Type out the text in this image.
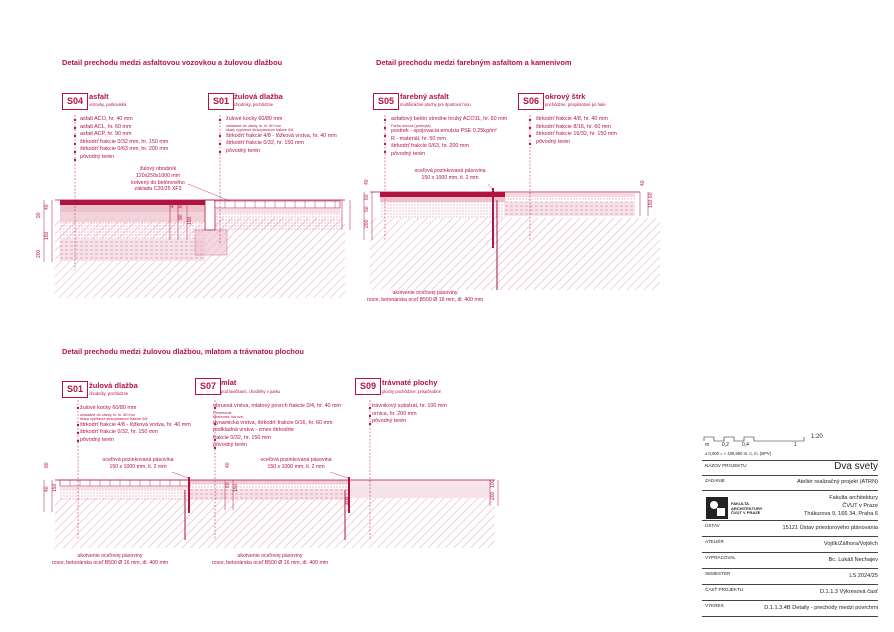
Detail prechodu medzi asfaltovou vozovkou a žulovou dlažbou	Detail prechodu medzi farebným asfaltom a kamenivom
Detail prechodu medzi žulovou dlažbou, mlatom a trávnatou plochou
S04 asfalt
vozovky, parkoviská
asfalt ACO, hr. 40 mm
asfalt ACL, hr. 60 mm
asfalt ACP, hr. 90 mm
štrkodrť frakcie 0/32 mm, hr. 150 mm
štrkodrť frakcie 0/63 mm, hr. 200 mm
pôvodný terén
S01 žulová dlažba
chodníky, pochôdzne
žulové kocky 60/80 mm
ukladané do väzby m. hr. 80 mm
škáry vyplnené štrkopieskom frakcie 0/8
štrkodrť frakcie 4/8 - lôžková vrstva, hr. 40 mm
štrkodrť frakcie 0/32, hr. 150 mm
pôvodný terén
žulový obrubník
120x250x1000 mm
kotvený do betónového
základu C20/25 XF3
S05 farebný asfalt
multifunkčné plochy pre športovú hrou
asfaltový betón stredne hrubý ACO11, hr. 60 mm
Farba okrová (prekrytá)
postrek - spojovacia emulzia PSE 0,25kg/m²
R - materiál, hr. 50 mm
štrkodrť frakcie 0/63, hr. 200 mm
pôvodný terén
S06 okrový štrk
pochôdzne, prispôsobné po hale
štrkodrť frakcie 4/8, hr. 40 mm
štrkodrť frakcie 8/16, hr. 60 mm
štrkodrť frakcie 16/32, hr. 150 mm
pôvodný terén
oceľová pozinkovaná pásovina
150 x 1000 mm, tl. 2 mm
ukotvenie oceľovej pásoviny
roxor, betonárska oceľ B500 Ø 16 mm, dl. 400 mm
S01 žulová dlažba
chodníky, pochôdzne
žulové kocky 60/80 mm
ukladané do väzby m. hr. 80 mm
škáry vyplnené štrkopieskom frakcie 0/8
štrkodrť frakcie 4/8 - lôžková vrstva, hr. 40 mm
štrkodrť frakcie 0/32, hr. 150 mm
pôvodný terén
S07 mlat
pod lavičkami, chodníky v parku
obrusná vrstva, mlatový povrch frakcie 0/4, hr. 40 mm
Penetrovať
farebnosť: okrová
dynamická vrstva, štrkodrť frakcie 0/16, hr. 60 mm
podkladná vrstva - zmes štrkodrte
frakcie 0/32, hr. 150 mm
pôvodný terén
S09 trávnaté plochy
plochy pochôdzne, prispôsobné
trávnikový substrát, hr. 100 mm
ornica, hr. 200 mm
pôvodný terén
oceľová pozinkovaná pásovina
150 x 1000 mm, tl. 2 mm
oceľová pozinkovaná pásovina
150 x 1000 mm, tl. 2 mm
ukotvenie oceľovej pásoviny
roxor, betonárska oceľ B500 Ø 16 mm, dl. 400 mm
ukotvenie oceľovej pásoviny
roxor, betonárska oceľ B500 Ø 16 mm, dl. 400 mm
m	0,2	0,4	1
1:20
± 0,000 = + 436,650 m. n. m. (BPV)
NÁZOV PROJEKTU	Dva svety
ZADANIE	Ateliér realizačný projekt (ATRN)
FAKULTA
ARCHITEKTURY
ČVUT V PRAZE
Fakulta architektury
ČVUT v Praze
Thákurova 9, 166 34, Praha 6
ÚSTAV	15121 Ústav priestorového plánovania
ATELIÉR	Vojtík/Zálhora/Vojtěch
VYPRACOVAL	Bc. Lukáš Nechajev
SEMESTER	LS 2024/25
ČASŤ PROJEKTU	D.1.1.3 Výkresová časť
VÝKRES	D.1.1.3.4B Detaily - prechody medzi povrchmi
90
40
150
200
40 60
90 150
40
60
50
200
40
60
150
80
40 150
40
60 150
400
100
200
